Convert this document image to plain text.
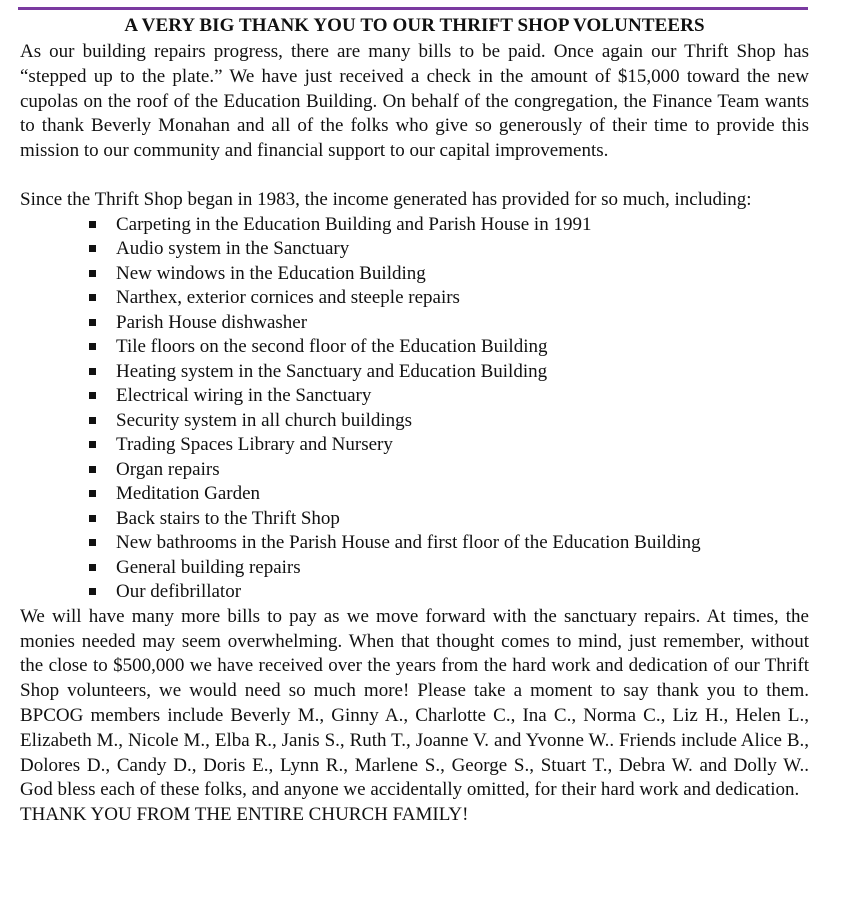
A VERY BIG THANK YOU TO OUR THRIFT SHOP VOLUNTEERS

As our building repairs progress, there are many bills to be paid. Once again our Thrift Shop has “stepped up to the plate.” We have just received a check in the amount of $15,000 toward the new cupolas on the roof of the Education Building. On behalf of the congregation, the Finance Team wants to thank Beverly Monahan and all of the folks who give so generously of their time to provide this mission to our community and financial support to our capital improvements.

Since the Thrift Shop began in 1983, the income generated has provided for so much, including:

Carpeting in the Education Building and Parish House in 1991
Audio system in the Sanctuary
New windows in the Education Building
Narthex, exterior cornices and steeple repairs
Parish House dishwasher
Tile floors on the second floor of the Education Building
Heating system in the Sanctuary and Education Building
Electrical wiring in the Sanctuary
Security system in all church buildings
Trading Spaces Library and Nursery
Organ repairs
Meditation Garden
Back stairs to the Thrift Shop
New bathrooms in the Parish House and first floor of the Education Building
General building repairs
Our defibrillator

We will have many more bills to pay as we move forward with the sanctuary repairs. At times, the monies needed may seem overwhelming. When that thought comes to mind, just remember, without the close to $500,000 we have received over the years from the hard work and dedication of our Thrift Shop volunteers, we would need so much more! Please take a moment to say thank you to them. BPCOG members include Beverly M., Ginny A., Charlotte C., Ina C., Norma C., Liz H., Helen L., Elizabeth M., Nicole M., Elba R., Janis S., Ruth T., Joanne V. and Yvonne W.. Friends include Alice B., Dolores D., Candy D., Doris E., Lynn R., Marlene S., George S., Stuart T., Debra W. and Dolly W.. God bless each of these folks, and anyone we accidentally omitted, for their hard work and dedication.

THANK YOU FROM THE ENTIRE CHURCH FAMILY!
